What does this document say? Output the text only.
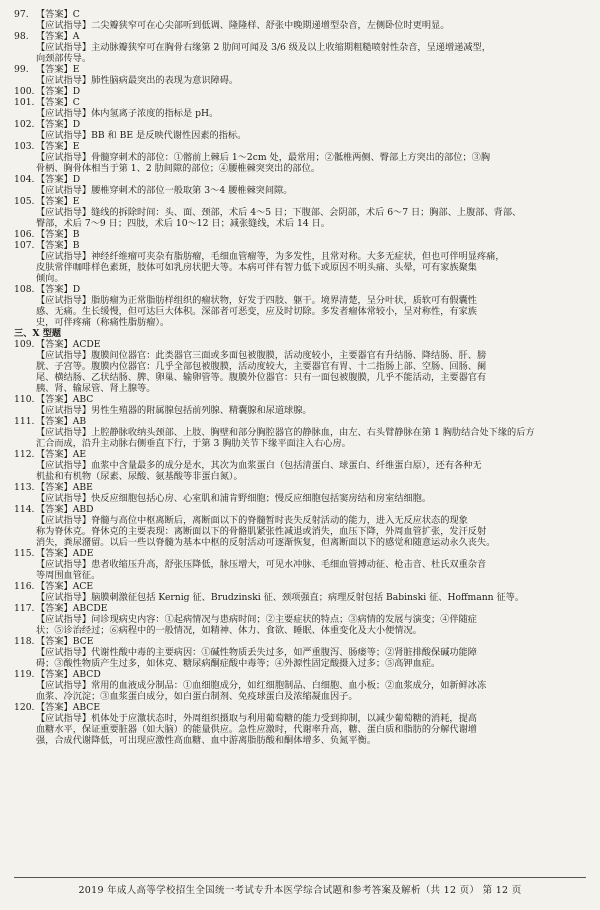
97. 【答案】C
【应试指导】二尖瓣狭窄可在心尖部听到低调、隆隆样、舒张中晚期递增型杂音，左侧卧位时更明显。
98. 【答案】A
【应试指导】主动脉瓣狭窄可在胸骨右缘第 2 肋间可闻及 3/6 级及以上收缩期粗糙喷射性杂音，呈递增递减型，
向颈部传导。
99. 【答案】E
【应试指导】肺性脑病最突出的表现为意识障碍。
100. 【答案】D
101. 【答案】C
【应试指导】体内氢离子浓度的指标是 pH。
102. 【答案】D
【应试指导】BB 和 BE 是反映代谢性因素的指标。
103. 【答案】E
【应试指导】骨髓穿刺术的部位：①髂前上棘后 1～2cm 处，最常用；②骶椎两侧、臀部上方突出的部位；③胸
骨柄、胸骨体相当于第 1、2 肋间隙的部位；④腰椎棘突突出的部位。
104. 【答案】D
【应试指导】腰椎穿刺术的部位一般取第 3～4 腰椎棘突间隙。
105. 【答案】E
【应试指导】缝线的拆除时间：头、面、颈部，术后 4～5 日；下腹部、会阴部，术后 6～7 日；胸部、上腹部、背部、
臀部，术后 7～9 日；四肢，术后 10～12 日；减张缝线，术后 14 日。
106. 【答案】B
107. 【答案】B
【应试指导】神经纤维瘤可夹杂有脂肪瘤，毛细血管瘤等，为多发性，且常对称。大多无症状，但也可伴明显疼痛，
皮肤常伴咖啡样色素斑，肢体可如乳房状肥大等。本病可伴有智力低下或原因不明头痛、头晕，可有家族聚集
倾向。
108. 【答案】D
【应试指导】脂肪瘤为正常脂肪样组织的瘤状物，好发于四肢、躯干。境界清楚，呈分叶状，质软可有假囊性
感、无痛。生长缓慢，但可达巨大体积。深部者可恶变，应及时切除。多发者瘤体常较小，呈对称性，有家族
史，可伴疼痛（称痛性脂肪瘤）。
三、X 型题
109. 【答案】ACDE
【应试指导】腹膜间位器官：此类器官三面或多面包被腹膜，活动度较小，主要器官有升结肠、降结肠、肝、膀
胱、子宫等。腹膜内位器官：几乎全部包被腹膜，活动度较大，主要器官有胃、十二指肠上部、空肠、回肠、阑
尾、横结肠、乙状结肠、脾、卵巢、输卵管等。腹膜外位器官：只有一面包被腹膜，几乎不能活动，主要器官有
胰、肾、输尿管、肾上腺等。
110. 【答案】ABC
【应试指导】男性生殖器的附属腺包括前列腺、精囊腺和尿道球腺。
111. 【答案】AB
【应试指导】上腔静脉收纳头颈部、上肢、胸壁和部分胸腔器官的静脉血，由左、右头臂静脉在第 1 胸肋结合处下缘的后方
汇合而成，沿升主动脉右侧垂直下行，于第 3 胸肋关节下缘平面注入右心房。
112. 【答案】AE
【应试指导】血浆中含量最多的成分是水，其次为血浆蛋白（包括清蛋白、球蛋白、纤维蛋白原），还有各种无
机盐和有机物（尿素、尿酸、氨基酸等非蛋白氮）。
113. 【答案】ABE
【应试指导】快反应细胞包括心房、心室肌和浦肯野细胞；慢反应细胞包括窦房结和房室结细胞。
114. 【答案】ABD
【应试指导】脊髓与高位中枢离断后，离断面以下的脊髓暂时丧失反射活动的能力，进入无反应状态的现象
称为脊休克。脊休克的主要表现：离断面以下的骨骼肌紧张性减退或消失，血压下降，外周血管扩张，发汗反射
消失，粪尿潴留。以后一些以脊髓为基本中枢的反射活动可逐渐恢复，但离断面以下的感觉和随意运动永久丧失。
115. 【答案】ADE
【应试指导】患者收缩压升高，舒张压降低，脉压增大，可见水冲脉、毛细血管搏动征、枪击音、杜氏双重杂音
等周围血管征。
116. 【答案】ACE
【应试指导】脑膜刺激征包括 Kernig 征、Brudzinski 征、颈项强直；病理反射包括 Babinski 征、Hoffmann 征等。
117. 【答案】ABCDE
【应试指导】问诊现病史内容：①起病情况与患病时间；②主要症状的特点；③病情的发展与演变；④伴随症
状；⑤诊治经过；⑥病程中的一般情况，如精神、体力、食欲、睡眠、体重变化及大小便情况。
118. 【答案】BCE
【应试指导】代谢性酸中毒的主要病因：①碱性物质丢失过多，如严重腹泻、肠瘘等；②肾脏排酸保碱功能障
碍；③酸性物质产生过多，如休克、糖尿病酮症酸中毒等；④外源性固定酸摄入过多；⑤高钾血症。
119. 【答案】ABCD
【应试指导】常用的血液成分制品：①血细胞成分，如红细胞制品、白细胞、血小板；②血浆成分，如新鲜冰冻
血浆、冷沉淀；③血浆蛋白成分，如白蛋白制剂、免疫球蛋白及浓缩凝血因子。
120. 【答案】ABCE
【应试指导】机体处于应激状态时，外周组织摄取与利用葡萄糖的能力受到抑制，以减少葡萄糖的消耗，提高
血糖水平，保证重要脏器（如大脑）的能量供应。急性应激时，代谢率升高，糖、蛋白质和脂肪的分解代谢增
强，合成代谢降低，可出现应激性高血糖、血中游离脂肪酸和酮体增多、负氮平衡。
2019 年成人高等学校招生全国统一考试专升本医学综合试题和参考答案及解析（共 12 页） 第 12 页
